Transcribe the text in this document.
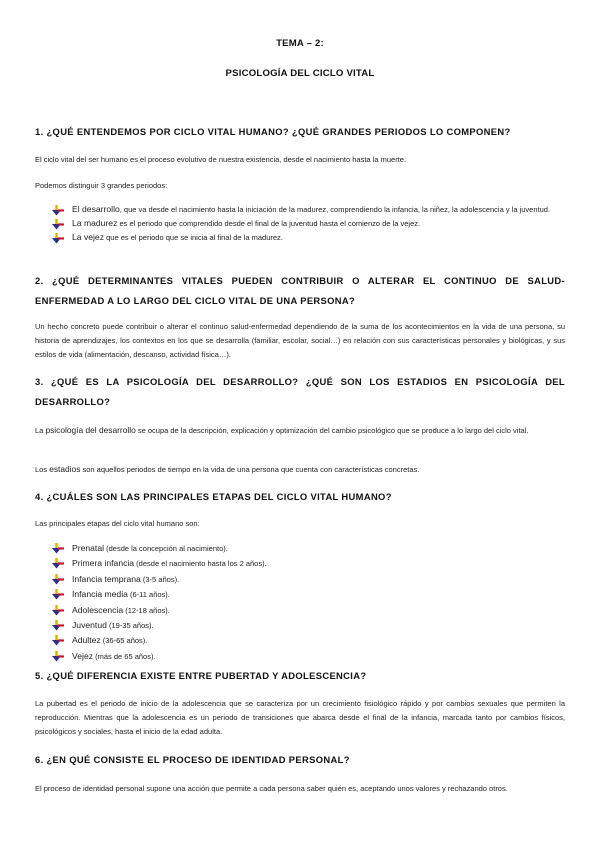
TEMA – 2:
PSICOLOGÍA DEL CICLO VITAL
1. ¿QUÉ ENTENDEMOS POR CICLO VITAL HUMANO? ¿QUÉ GRANDES PERIODOS LO COMPONEN?
El ciclo vital del ser humano es el proceso evolutivo de nuestra existencia, desde el nacimiento hasta la muerte.
Podemos distinguir 3 grandes periodos:
El desarrollo, que va desde el nacimiento hasta la iniciación de la madurez, comprendiendo la infancia, la niñez, la adolescencia y la juventud.
La madurez es el periodo que comprendido desde el final de la juventud hasta el comienzo de la vejez.
La vejez que es el periodo que se inicia al final de la madurez.
2. ¿QUÉ DETERMINANTES VITALES PUEDEN CONTRIBUIR O ALTERAR EL CONTINUO DE SALUD-ENFERMEDAD A LO LARGO DEL CICLO VITAL DE UNA PERSONA?
Un hecho concreto puede contribuir o alterar el continuo salud-enfermedad dependiendo de la suma de los acontecimientos en la vida de una persona, su historia de aprendizajes, los contextos en los que se desarrolla (familiar, escolar, social…) en relación con sus características personales y biológicas, y sus estilos de vida (alimentación, descanso, actividad física…).
3. ¿QUÉ ES LA PSICOLOGÍA DEL DESARROLLO? ¿QUÉ SON LOS ESTADIOS EN PSICOLOGÍA DEL DESARROLLO?
La psicología del desarrollo se ocupa de la descripción, explicación y optimización del cambio psicológico que se produce a lo largo del ciclo vital.
Los estadios son aquellos periodos de tiempo en la vida de una persona que cuenta con características concretas.
4. ¿CUÁLES SON LAS PRINCIPALES ETAPAS DEL CICLO VITAL HUMANO?
Las principales etapas del ciclo vital humano son:
Prenatal (desde la concepción al nacimiento).
Primera infancia (desde el nacimiento hasta los 2 años).
Infancia temprana (3-5 años).
Infancia media (6-11 años).
Adolescencia (12-18 años).
Juventud (19-35 años).
Adultez (36-65 años).
Vejez (más de 65 años).
5. ¿QUÉ DIFERENCIA EXISTE ENTRE PUBERTAD Y ADOLESCENCIA?
La pubertad es el periodo de inicio de la adolescencia que se caracteriza por un crecimiento fisiológico rápido y por cambios sexuales que permiten la reproducción. Mientras que la adolescencia es un periodo de transiciones que abarca desde el final de la infancia, marcada tanto por cambios físicos, psicológicos y sociales, hasta el inicio de la edad adulta.
6. ¿EN QUÉ CONSISTE EL PROCESO DE IDENTIDAD PERSONAL?
El proceso de identidad personal supone una acción que permite a cada persona saber quién es, aceptando unos valores y rechazando otros.
